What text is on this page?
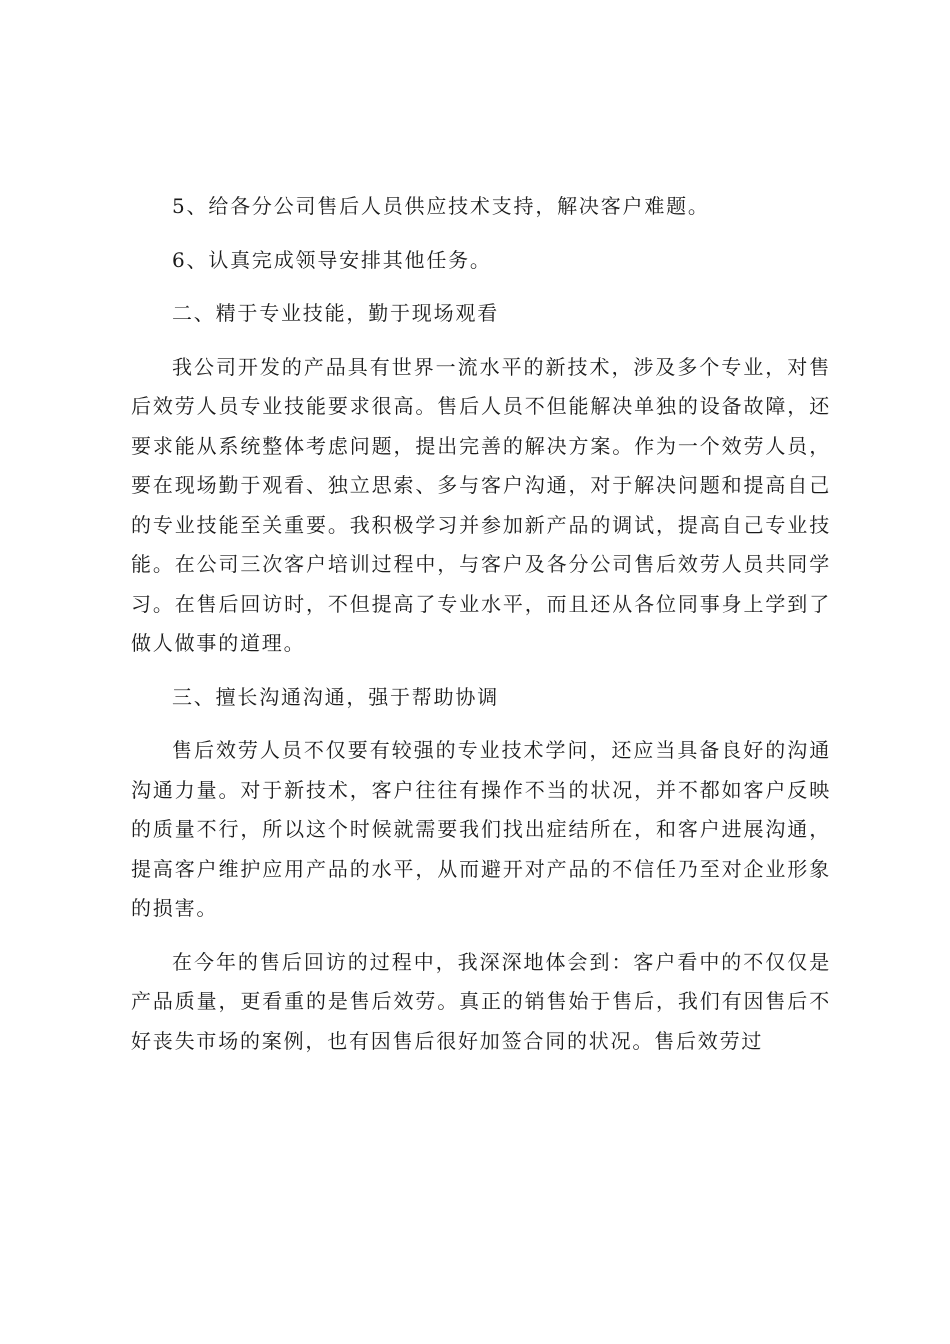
5、给各分公司售后人员供应技术支持，解决客户难题。

6、认真完成领导安排其他任务。

二、精于专业技能，勤于现场观看

我公司开发的产品具有世界一流水平的新技术，涉及多个专业，对售后效劳人员专业技能要求很高。售后人员不但能解决单独的设备故障，还要求能从系统整体考虑问题，提出完善的解决方案。作为一个效劳人员，要在现场勤于观看、独立思索、多与客户沟通，对于解决问题和提高自己的专业技能至关重要。我积极学习并参加新产品的调试，提高自己专业技能。在公司三次客户培训过程中，与客户及各分公司售后效劳人员共同学习。在售后回访时，不但提高了专业水平，而且还从各位同事身上学到了做人做事的道理。

三、擅长沟通沟通，强于帮助协调

售后效劳人员不仅要有较强的专业技术学问，还应当具备良好的沟通沟通力量。对于新技术，客户往往有操作不当的状况，并不都如客户反映的质量不行，所以这个时候就需要我们找出症结所在，和客户进展沟通，提高客户维护应用产品的水平，从而避开对产品的不信任乃至对企业形象的损害。

在今年的售后回访的过程中，我深深地体会到：客户看中的不仅仅是产品质量，更看重的是售后效劳。真正的销售始于售后，我们有因售后不好丧失市场的案例，也有因售后很好加签合同的状况。售后效劳过
